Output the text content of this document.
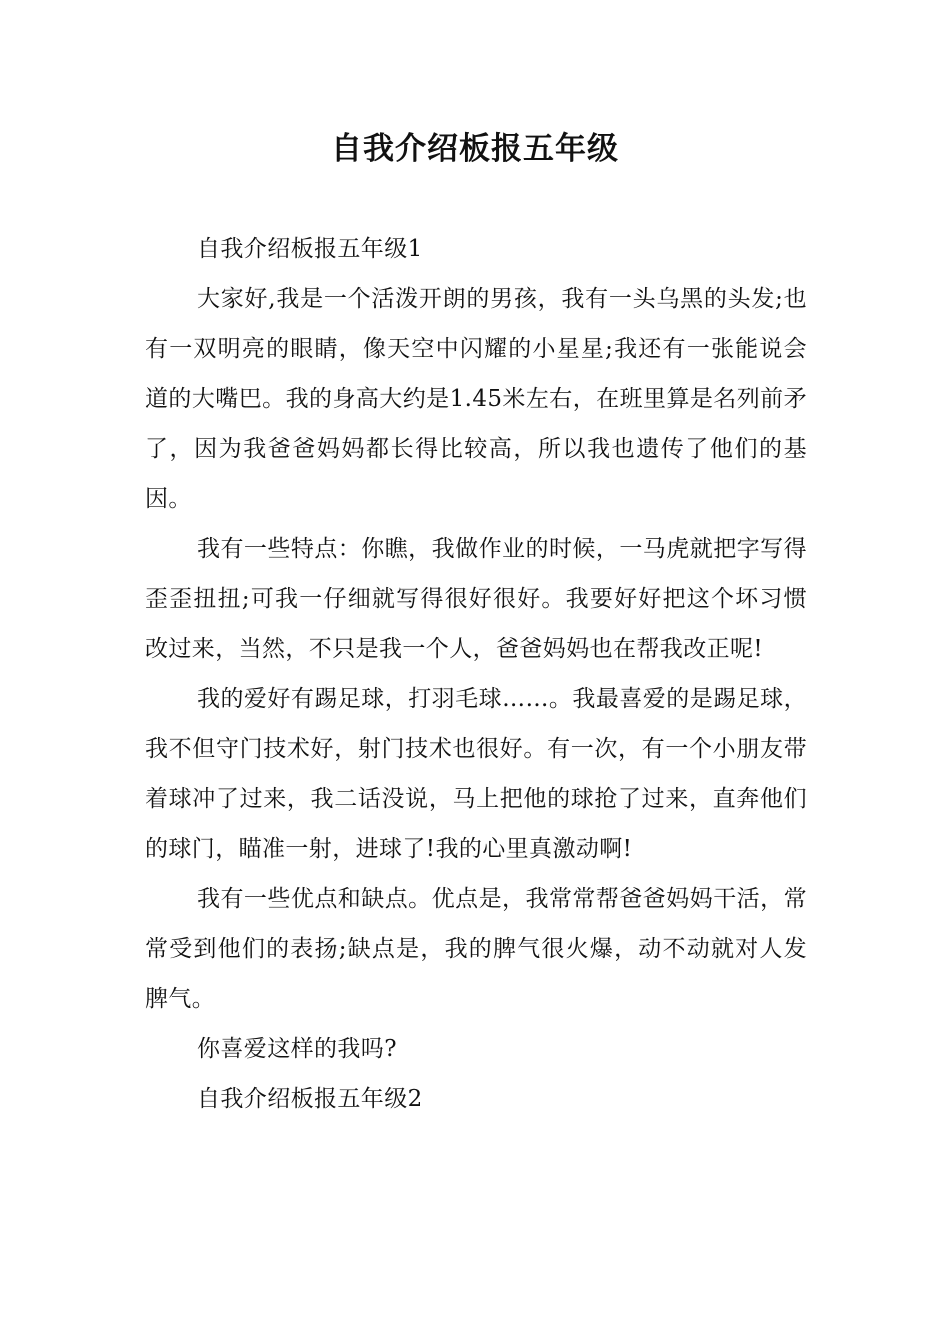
自我介绍板报五年级

自我介绍板报五年级1

大家好,我是一个活泼开朗的男孩，我有一头乌黑的头发;也有一双明亮的眼睛，像天空中闪耀的小星星;我还有一张能说会道的大嘴巴。我的身高大约是1.45米左右，在班里算是名列前矛了，因为我爸爸妈妈都长得比较高，所以我也遗传了他们的基因。

我有一些特点：你瞧，我做作业的时候，一马虎就把字写得歪歪扭扭;可我一仔细就写得很好很好。我要好好把这个坏习惯改过来，当然，不只是我一个人，爸爸妈妈也在帮我改正呢!

我的爱好有踢足球，打羽毛球……。我最喜爱的是踢足球，我不但守门技术好，射门技术也很好。有一次，有一个小朋友带着球冲了过来，我二话没说，马上把他的球抢了过来，直奔他们的球门，瞄准一射，进球了!我的心里真激动啊!

我有一些优点和缺点。优点是，我常常帮爸爸妈妈干活，常常受到他们的表扬;缺点是，我的脾气很火爆，动不动就对人发脾气。

你喜爱这样的我吗?

自我介绍板报五年级2
